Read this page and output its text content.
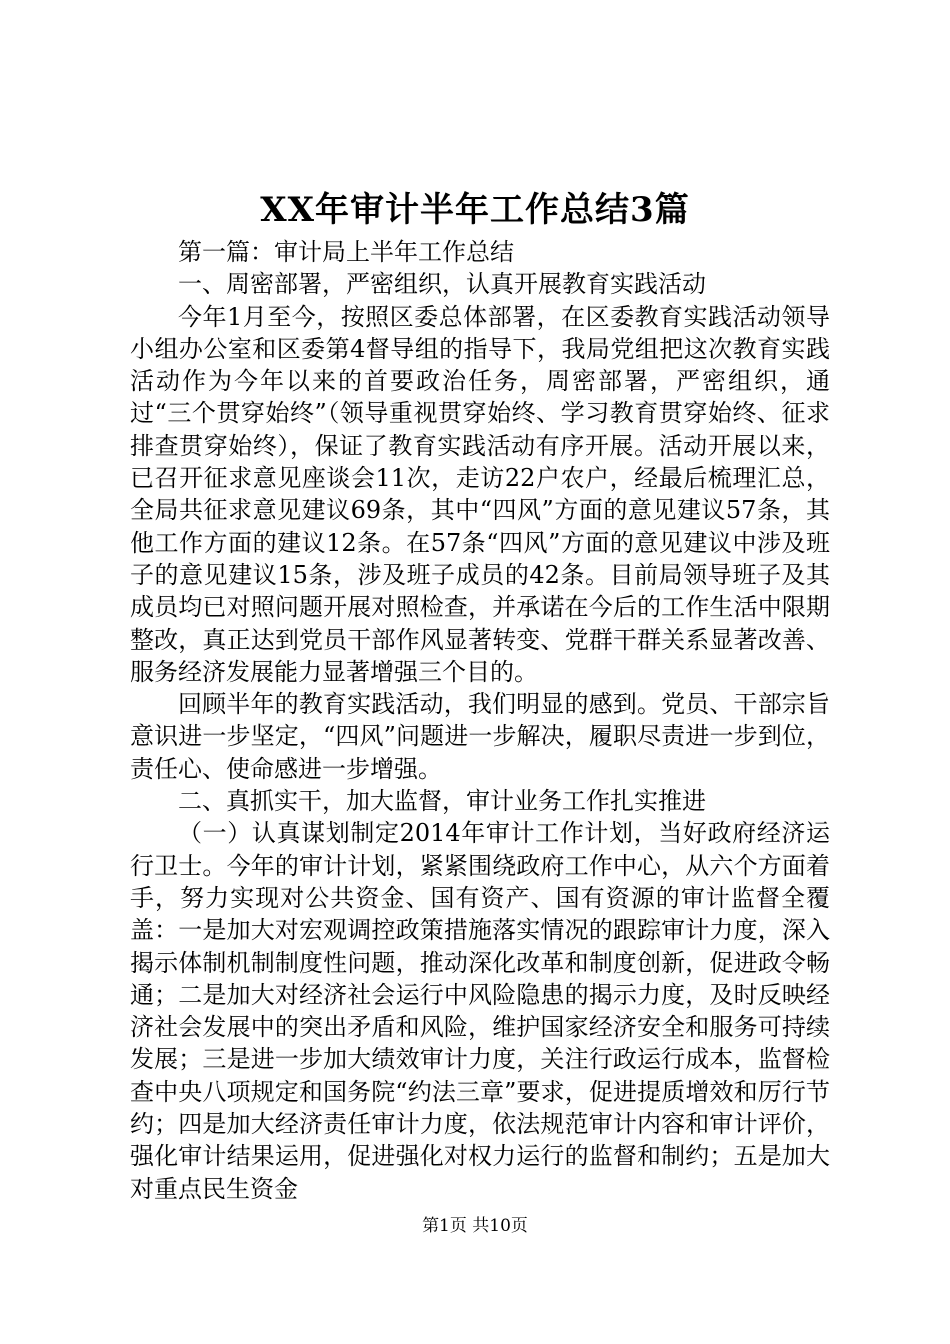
XX年审计半年工作总结3篇

第一篇：审计局上半年工作总结

一、周密部署，严密组织，认真开展教育实践活动

今年1月至今，按照区委总体部署，在区委教育实践活动领导小组办公室和区委第4督导组的指导下，我局党组把这次教育实践活动作为今年以来的首要政治任务，周密部署，严密组织，通过“三个贯穿始终”（领导重视贯穿始终、学习教育贯穿始终、征求排查贯穿始终），保证了教育实践活动有序开展。活动开展以来，已召开征求意见座谈会11次，走访22户农户，经最后梳理汇总，全局共征求意见建议69条，其中“四风”方面的意见建议57条，其他工作方面的建议12条。在57条“四风”方面的意见建议中涉及班子的意见建议15条，涉及班子成员的42条。目前局领导班子及其成员均已对照问题开展对照检查，并承诺在今后的工作生活中限期整改，真正达到党员干部作风显著转变、党群干群关系显著改善、服务经济发展能力显著增强三个目的。

回顾半年的教育实践活动，我们明显的感到。党员、干部宗旨意识进一步坚定，“四风”问题进一步解决，履职尽责进一步到位，责任心、使命感进一步增强。

二、真抓实干，加大监督，审计业务工作扎实推进

（一）认真谋划制定2014年审计工作计划，当好政府经济运行卫士。今年的审计计划，紧紧围绕政府工作中心，从六个方面着手，努力实现对公共资金、国有资产、国有资源的审计监督全覆盖：一是加大对宏观调控政策措施落实情况的跟踪审计力度，深入揭示体制机制制度性问题，推动深化改革和制度创新，促进政令畅通；二是加大对经济社会运行中风险隐患的揭示力度，及时反映经济社会发展中的突出矛盾和风险，维护国家经济安全和服务可持续发展；三是进一步加大绩效审计力度，关注行政运行成本，监督检查中央八项规定和国务院“约法三章”要求，促进提质增效和厉行节约；四是加大经济责任审计力度，依法规范审计内容和审计评价，强化审计结果运用，促进强化对权力运行的监督和制约；五是加大对重点民生资金

第1页 共10页
